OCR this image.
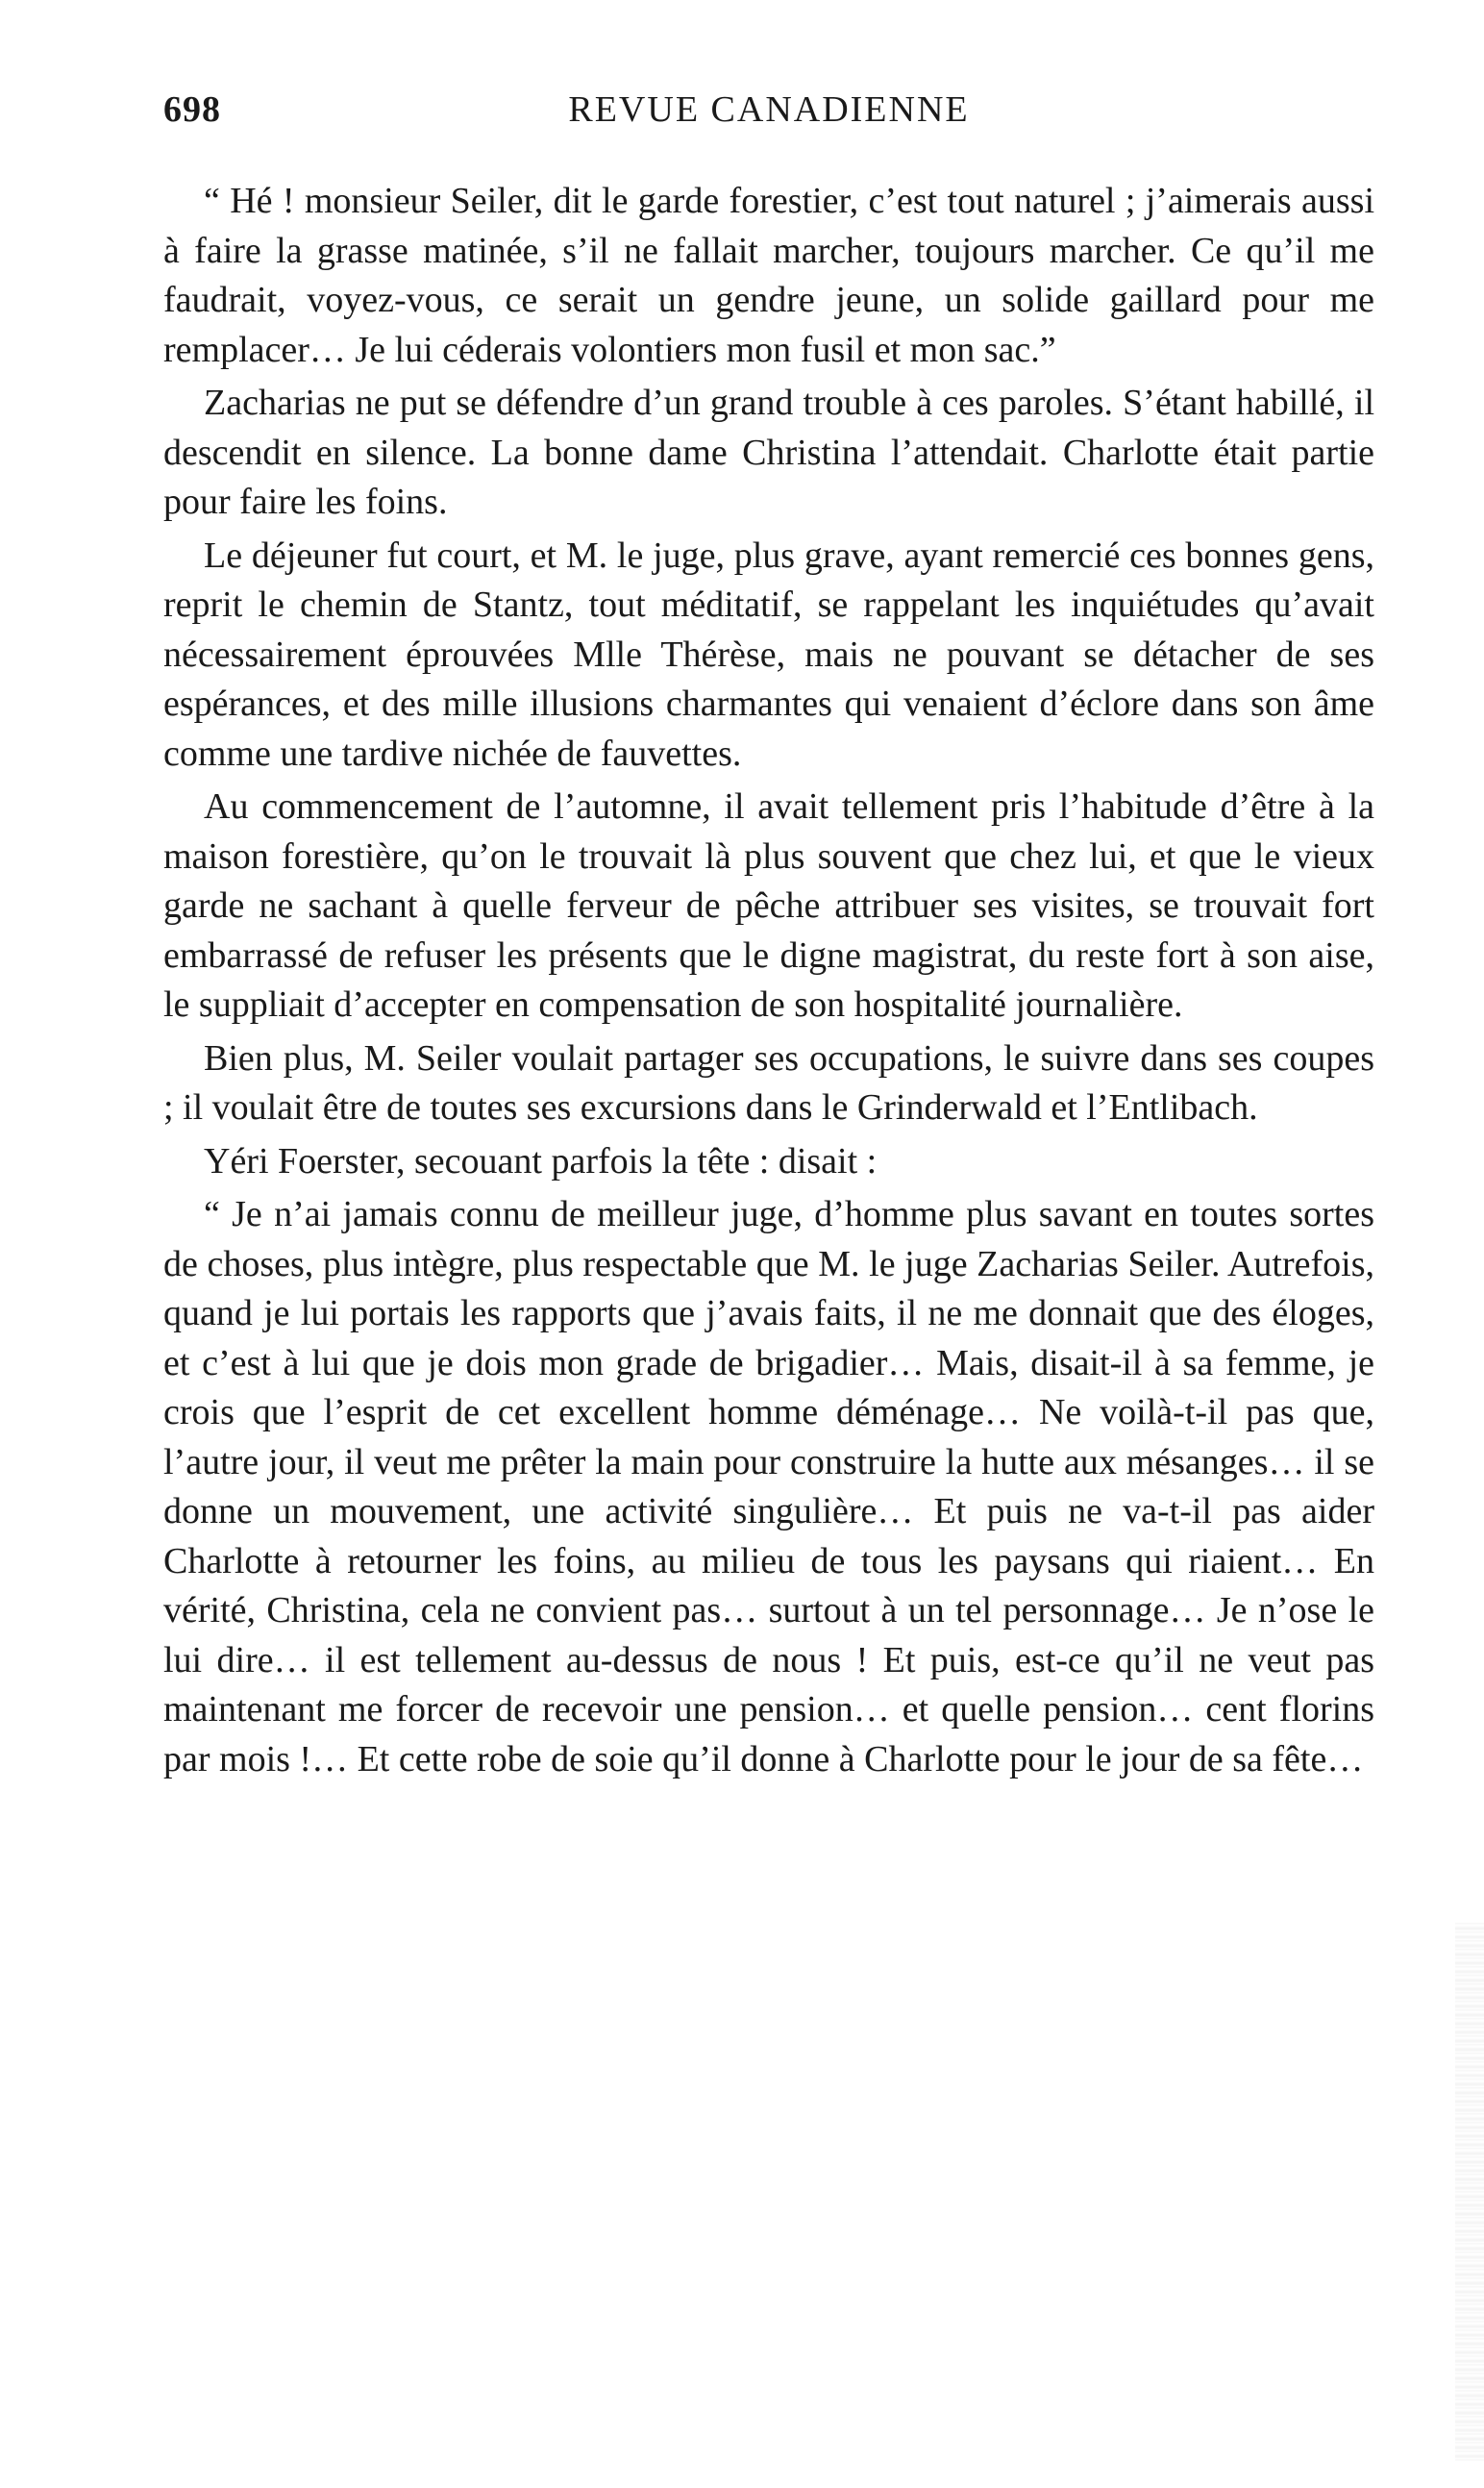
698	REVUE CANADIENNE

“ Hé ! monsieur Seiler, dit le garde forestier, c’est tout naturel ; j’aimerais aussi à faire la grasse matinée, s’il ne fallait marcher, toujours marcher. Ce qu’il me faudrait, voyez-vous, ce serait un gendre jeune, un solide gaillard pour me remplacer… Je lui céderais volontiers mon fusil et mon sac.”

Zacharias ne put se défendre d’un grand trouble à ces paroles. S’étant habillé, il descendit en silence. La bonne dame Christina l’attendait. Charlotte était partie pour faire les foins.

Le déjeuner fut court, et M. le juge, plus grave, ayant remercié ces bonnes gens, reprit le chemin de Stantz, tout méditatif, se rappelant les inquiétudes qu’avait nécessairement éprouvées Mlle Thérèse, mais ne pouvant se détacher de ses espérances, et des mille illusions charmantes qui venaient d’éclore dans son âme comme une tardive nichée de fauvettes.

Au commencement de l’automne, il avait tellement pris l’habitude d’être à la maison forestière, qu’on le trouvait là plus souvent que chez lui, et que le vieux garde ne sachant à quelle ferveur de pêche attribuer ses visites, se trouvait fort embarrassé de refuser les présents que le digne magistrat, du reste fort à son aise, le suppliait d’accepter en compensation de son hospitalité journalière.

Bien plus, M. Seiler voulait partager ses occupations, le suivre dans ses coupes ; il voulait être de toutes ses excursions dans le Grinderwald et l’Entlibach.

Yéri Foerster, secouant parfois la tête : disait :

“ Je n’ai jamais connu de meilleur juge, d’homme plus savant en toutes sortes de choses, plus intègre, plus respectable que M. le juge Zacharias Seiler. Autrefois, quand je lui portais les rapports que j’avais faits, il ne me donnait que des éloges, et c’est à lui que je dois mon grade de brigadier… Mais, disait-il à sa femme, je crois que l’esprit de cet excellent homme déménage… Ne voilà-t-il pas que, l’autre jour, il veut me prêter la main pour construire la hutte aux mésanges… il se donne un mouvement, une activité singulière… Et puis ne va-t-il pas aider Charlotte à retourner les foins, au milieu de tous les paysans qui riaient… En vérité, Christina, cela ne convient pas… surtout à un tel personnage… Je n’ose le lui dire… il est tellement au-dessus de nous ! Et puis, est-ce qu’il ne veut pas maintenant me forcer de recevoir une pension… et quelle pension… cent florins par mois !… Et cette robe de soie qu’il donne à Charlotte pour le jour de sa fête…
